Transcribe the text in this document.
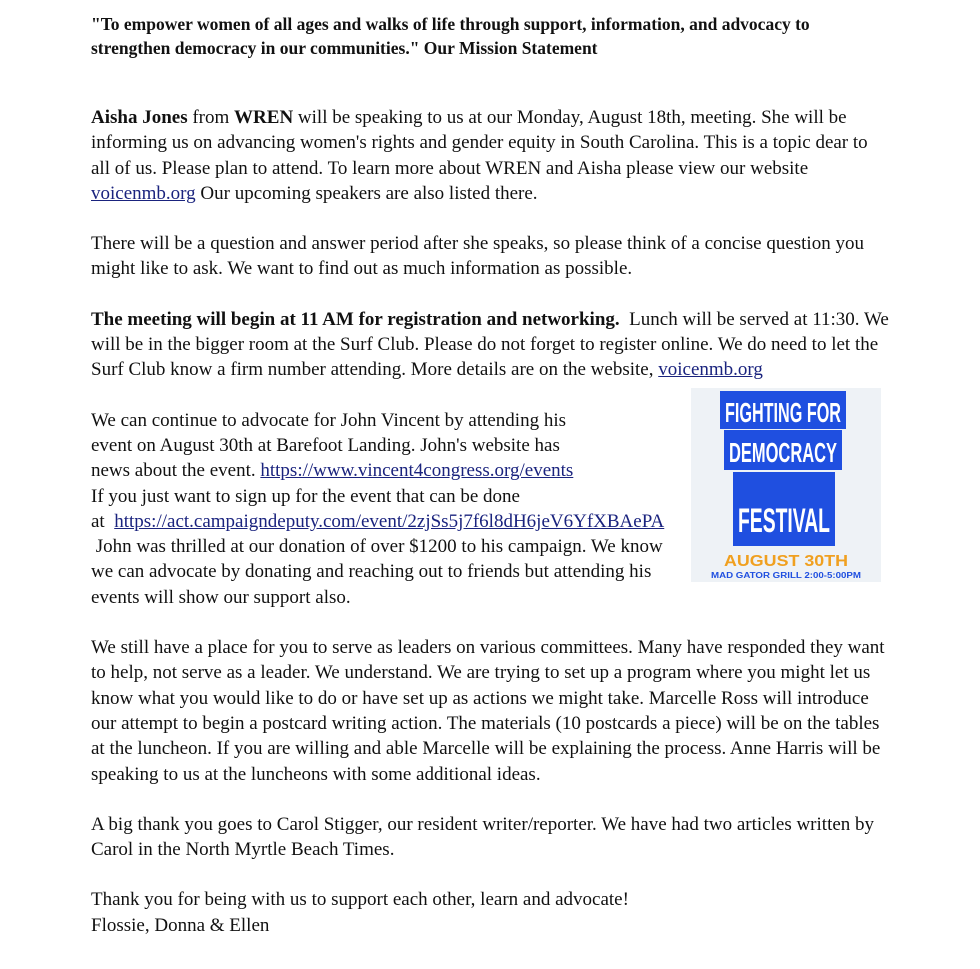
"To empower women of all ages and walks of life through support, information, and advocacy to strengthen democracy in our communities." Our Mission Statement

Aisha Jones from WREN will be speaking to us at our Monday, August 18th, meeting. She will be informing us on advancing women's rights and gender equity in South Carolina. This is a topic dear to all of us. Please plan to attend. To learn more about WREN and Aisha please view our website voicenmb.org Our upcoming speakers are also listed there.

There will be a question and answer period after she speaks, so please think of a concise question you might like to ask. We want to find out as much information as possible.

The meeting will begin at 11 AM for registration and networking. Lunch will be served at 11:30. We will be in the bigger room at the Surf Club. Please do not forget to register online. We do need to let the Surf Club know a firm number attending. More details are on the website, voicenmb.org

We can continue to advocate for John Vincent by attending his
event on August 30th at Barefoot Landing. John's website has
news about the event. https://www.vincent4congress.org/events
If you just want to sign up for the event that can be done
at https://act.campaigndeputy.com/event/2zjSs5j7f6l8dH6jeV6YfXBAePA
John was thrilled at our donation of over $1200 to his campaign. We know
we can advocate by donating and reaching out to friends but attending his
events will show our support also.

We still have a place for you to serve as leaders on various committees. Many have responded they want to help, not serve as a leader. We understand. We are trying to set up a program where you might let us know what you would like to do or have set up as actions we might take. Marcelle Ross will introduce our attempt to begin a postcard writing action. The materials (10 postcards a piece) will be on the tables at the luncheon. If you are willing and able Marcelle will be explaining the process. Anne Harris will be speaking to us at the luncheons with some additional ideas.

A big thank you goes to Carol Stigger, our resident writer/reporter. We have had two articles written by Carol in the North Myrtle Beach Times.

Thank you for being with us to support each other, learn and advocate!
Flossie, Donna & Ellen

FIGHTING FOR
DEMOCRACY
FESTIVAL
AUGUST 30TH
MAD GATOR GRILL 2:00-5:00PM
